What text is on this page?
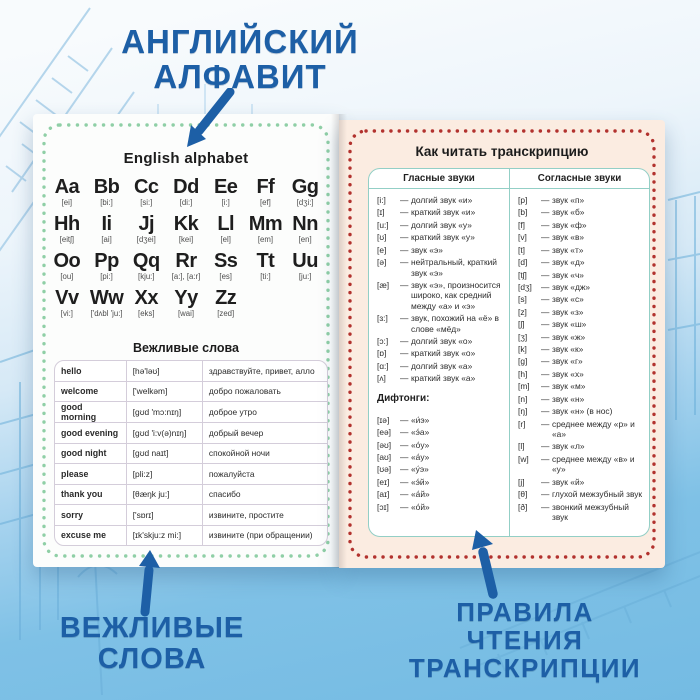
АНГЛИЙСКИЙ
АЛФАВИТ
English alphabet
Aa
[ei]
Bb
[bi:]
Cc
[si:]
Dd
[di:]
Ee
[i:]
Ff
[ef]
Gg
[dʒi:]
Hh
[eitʃ]
Ii
[ai]
Jj
[dʒei]
Kk
[kei]
Ll
[el]
Mm
[em]
Nn
[en]
Oo
[ou]
Pp
[pi:]
Qq
[kju:]
Rr
[a:], [a:r]
Ss
[es]
Tt
[ti:]
Uu
[ju:]
Vv
[vi:]
Ww
['dʌbl 'ju:]
Xx
[eks]
Yy
[wai]
Zz
[zed]
Вежливые слова
hello	[hə'ləʊ]	здравствуйте, привет, алло
welcome	['welkəm]	добро пожаловать
good morning	[gʊd 'mɔ:nɪŋ]	доброе утро
good evening	[gʊd 'i:v(ə)nɪŋ]	добрый вечер
good night	[gʊd naɪt]	спокойной ночи
please	[pli:z]	пожалуйста
thank you	[θæŋk ju:]	спасибо
sorry	['sɒrɪ]	извините, простите
excuse me	[ɪk'skju:z mi:]	извините (при обращении)
Как читать транскрипцию
Гласные звуки
[i:]	— долгий звук «и»
[ɪ]	— краткий звук «и»
[u:]	— долгий звук «у»
[ʊ]	— краткий звук «у»
[e]	— звук «э»
[ə]	— нейтральный, краткий звук «э»
[æ]	— звук «э», произносится широко, как средний между «а» и «э»
[ɜ:]	— звук, похожий на «ё» в слове «мёд»
[ɔ:]	— долгий звук «о»
[ɒ]	— краткий звук «о»
[ɑ:]	— долгий звук «а»
[ʌ]	— краткий звук «а»
Дифтонги:
[ɪə]	— «и́э»
[eə]	— «э́а»
[əʊ]	— «о́у»
[aʊ]	— «а́у»
[ʊə]	— «у́э»
[eɪ]	— «э́й»
[aɪ]	— «а́й»
[ɔɪ]	— «о́й»
Согласные звуки
[p]	— звук «п»
[b]	— звук «б»
[f]	— звук «ф»
[v]	— звук «в»
[t]	— звук «т»
[d]	— звук «д»
[tʃ]	— звук «ч»
[dʒ]	— звук «дж»
[s]	— звук «с»
[z]	— звук «з»
[ʃ]	— звук «ш»
[ʒ]	— звук «ж»
[k]	— звук «к»
[g]	— звук «г»
[h]	— звук «х»
[m]	— звук «м»
[n]	— звук «н»
[ŋ]	— звук «н» (в нос)
[r]	— среднее между «р» и «а»
[l]	— звук «л»
[w]	— среднее между «в» и «у»
[j]	— звук «й»
[θ]	— глухой межзубный звук
[ð]	— звонкий межзубный звук
ВЕЖЛИВЫЕ
СЛОВА
ПРАВИЛА
ЧТЕНИЯ
ТРАНСКРИПЦИИ
